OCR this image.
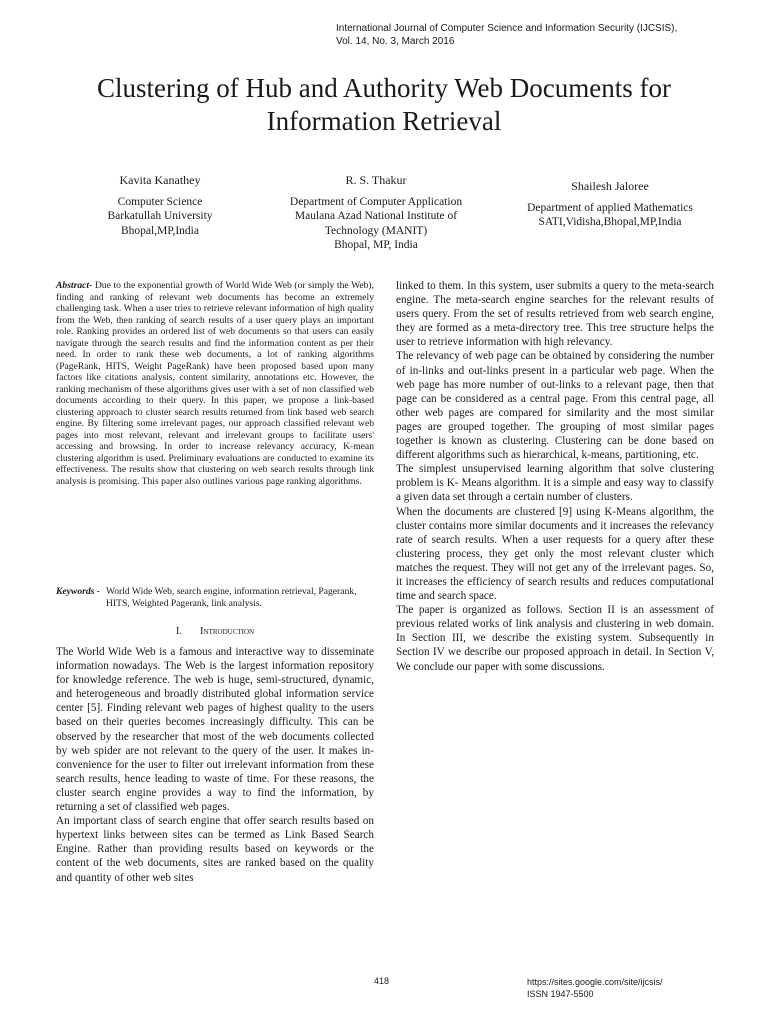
International Journal of Computer Science and Information Security (IJCSIS),
Vol. 14, No. 3, March 2016
Clustering of Hub and Authority Web Documents for
Information Retrieval
Kavita Kanathey
Computer Science
Barkatullah University
Bhopal,MP,India
R. S. Thakur
Department of Computer Application
Maulana Azad National Institute of
Technology (MANIT)
Bhopal, MP, India
Shailesh Jaloree
Department of applied Mathematics
SATI,Vidisha,Bhopal,MP,India
Abstract- Due to the exponential growth of World Wide Web (or simply the Web), finding and ranking of relevant web documents has become an extremely challenging task. When a user tries to retrieve relevant information of high quality from the Web, then ranking of search results of a user query plays an important role. Ranking provides an ordered list of web documents so that users can easily navigate through the search results and find the information content as per their need. In order to rank these web documents, a lot of ranking algorithms (PageRank, HITS, Weight PageRank) have been proposed based upon many factors like citations analysis, content similarity, annotations etc. However, the ranking mechanism of these algorithms gives user with a set of non classified web documents according to their query. In this paper, we propose a link-based clustering approach to cluster search results returned from link based web search engine. By filtering some irrelevant pages, our approach classified relevant web pages into most relevant, relevant and irrelevant groups to facilitate users' accessing and browsing. In order to increase relevancy accuracy, K-mean clustering algorithm is used. Preliminary evaluations are conducted to examine its effectiveness. The results show that clustering on web search results through link analysis is promising. This paper also outlines various page ranking algorithms.
Keywords - World Wide Web, search engine, information retrieval, Pagerank, HITS, Weighted Pagerank, link analysis.
I. Introduction

The World Wide Web is a famous and interactive way to disseminate information nowadays. The Web is the largest information repository for knowledge reference. The web is huge, semi-structured, dynamic, and heterogeneous and broadly distributed global information service center [5]. Finding relevant web pages of highest quality to the users based on their queries becomes increasingly difficulty. This can be observed by the researcher that most of the web documents collected by web spider are not relevant to the query of the user. It makes in-convenience for the user to filter out irrelevant information from these search results, hence leading to waste of time. For these reasons, the cluster search engine provides a way to find the information, by returning a set of classified web pages.

An important class of search engine that offer search results based on hypertext links between sites can be termed as Link Based Search Engine. Rather than providing results based on keywords or the content of the web documents, sites are ranked based on the quality and quantity of other web sites

linked to them. In this system, user submits a query to the meta-search engine. The meta-search engine searches for the relevant results of users query. From the set of results retrieved from web search engine, they are formed as a meta-directory tree. This tree structure helps the user to retrieve information with high relevancy.

The relevancy of web page can be obtained by considering the number of in-links and out-links present in a particular web page. When the web page has more number of out-links to a relevant page, then that page can be considered as a central page. From this central page, all other web pages are compared for similarity and the most similar pages are grouped together. The grouping of most similar pages together is known as clustering. Clustering can be done based on different algorithms such as hierarchical, k-means, partitioning, etc.

The simplest unsupervised learning algorithm that solve clustering problem is K- Means algorithm. It is a simple and easy way to classify a given data set through a certain number of clusters.

When the documents are clustered [9] using K-Means algorithm, the cluster contains more similar documents and it increases the relevancy rate of search results. When a user requests for a query after these clustering process, they get only the most relevant cluster which matches the request. They will not get any of the irrelevant pages. So, it increases the efficiency of search results and reduces computational time and search space.

The paper is organized as follows. Section II is an assessment of previous related works of link analysis and clustering in web domain. In Section III, we describe the existing system. Subsequently in Section IV we describe our proposed approach in detail. In Section V, We conclude our paper with some discussions.

418	https://sites.google.com/site/ijcsis/
ISSN 1947-5500
